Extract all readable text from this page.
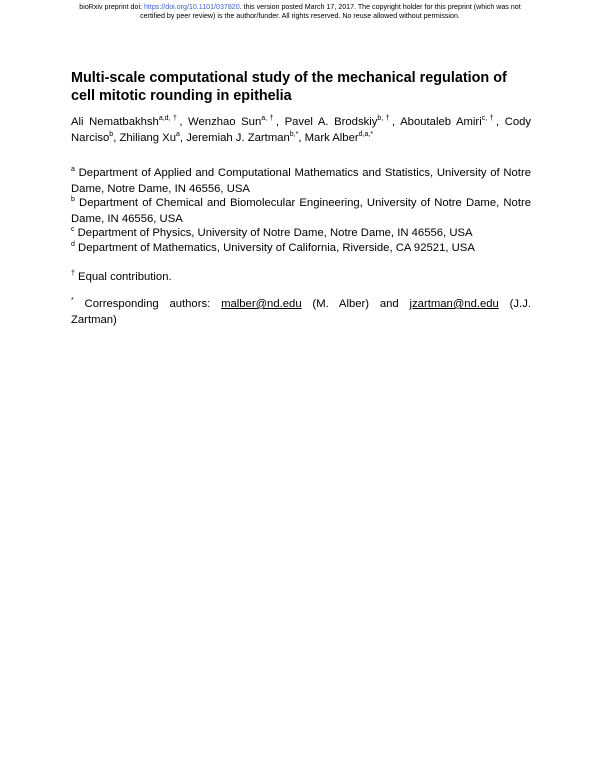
bioRxiv preprint doi: https://doi.org/10.1101/037820. this version posted March 17, 2017. The copyright holder for this preprint (which was not
certified by peer review) is the author/funder. All rights reserved. No reuse allowed without permission.
Multi-scale computational study of the mechanical regulation of cell mitotic rounding in epithelia
Ali Nematbakhsh$^{a,d,\dagger}$, Wenzhao Sun$^{a,\dagger}$, Pavel A. Brodskiy$^{b,\dagger}$, Aboutaleb Amiri$^{c,\dagger}$, Cody Narciso$^b$, Zhiliang Xu$^a$, Jeremiah J. Zartman$^{b,*}$, Mark Alber$^{d,a,*}$
$^a$ Department of Applied and Computational Mathematics and Statistics, University of Notre Dame, Notre Dame, IN 46556, USA
$^b$ Department of Chemical and Biomolecular Engineering, University of Notre Dame, Notre Dame, IN 46556, USA
$^c$ Department of Physics, University of Notre Dame, Notre Dame, IN 46556, USA
$^d$ Department of Mathematics, University of California, Riverside, CA 92521, USA
† Equal contribution.
* Corresponding authors: malber@nd.edu (M. Alber) and jzartman@nd.edu (J.J.
Zartman)
